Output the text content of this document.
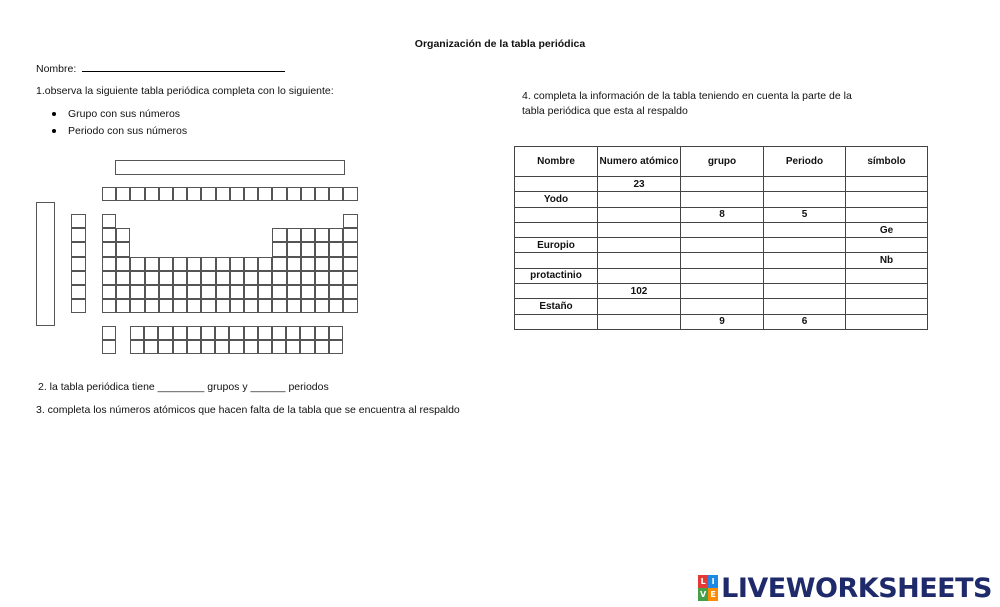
Organización de la tabla periódica
Nombre:
1.observa la siguiente tabla periódica completa con lo siguiente:
Grupo con sus números
Periodo con sus números
2. la tabla periódica tiene ________ grupos y ______ periodos
3. completa los números atómicos que hacen falta de la tabla que se encuentra al respaldo
4. completa la información de la tabla teniendo en cuenta la parte de la
tabla periódica que esta al respaldo
Nombre	Numero atómico	grupo	Periodo	símbolo
	23			
Yodo				
		8	5	
				Ge
Europio				
				Nb
protactinio				
	102			
Estaño				
		9	6	
L I
V E LIVEWORKSHEETS
